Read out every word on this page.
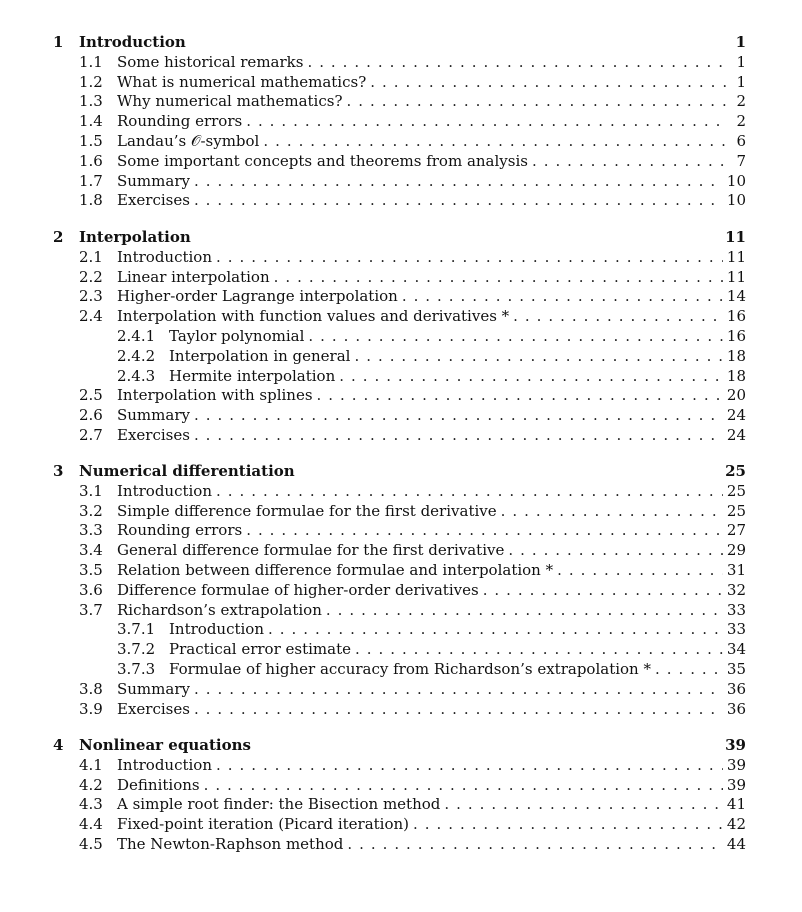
1 Introduction	1
1.1 Some historical remarks . . .	1
1.2 What is numerical mathematics? . . .	1
1.3 Why numerical mathematics? . . .	2
1.4 Rounding errors . . .	2
1.5 Landau’s 𝒪-symbol . . .	6
1.6 Some important concepts and theorems from analysis . . .	7
1.7 Summary . . .	10
1.8 Exercises . . .	10
2 Interpolation	11
2.1 Introduction . . .	11
2.2 Linear interpolation . . .	11
2.3 Higher-order Lagrange interpolation . . .	14
2.4 Interpolation with function values and derivatives * . . .	16
2.4.1 Taylor polynomial . . .	16
2.4.2 Interpolation in general . . .	18
2.4.3 Hermite interpolation . . .	18
2.5 Interpolation with splines . . .	20
2.6 Summary . . .	24
2.7 Exercises . . .	24
3 Numerical differentiation	25
3.1 Introduction . . .	25
3.2 Simple difference formulae for the first derivative . . .	25
3.3 Rounding errors . . .	27
3.4 General difference formulae for the first derivative . . .	29
3.5 Relation between difference formulae and interpolation * . . .	31
3.6 Difference formulae of higher-order derivatives . . .	32
3.7 Richardson’s extrapolation . . .	33
3.7.1 Introduction . . .	33
3.7.2 Practical error estimate . . .	34
3.7.3 Formulae of higher accuracy from Richardson’s extrapolation * . . .	35
3.8 Summary . . .	36
3.9 Exercises . . .	36
4 Nonlinear equations	39
4.1 Introduction . . .	39
4.2 Definitions . . .	39
4.3 A simple root finder: the Bisection method . . .	41
4.4 Fixed-point iteration (Picard iteration) . . .	42
4.5 The Newton-Raphson method . . .	44
